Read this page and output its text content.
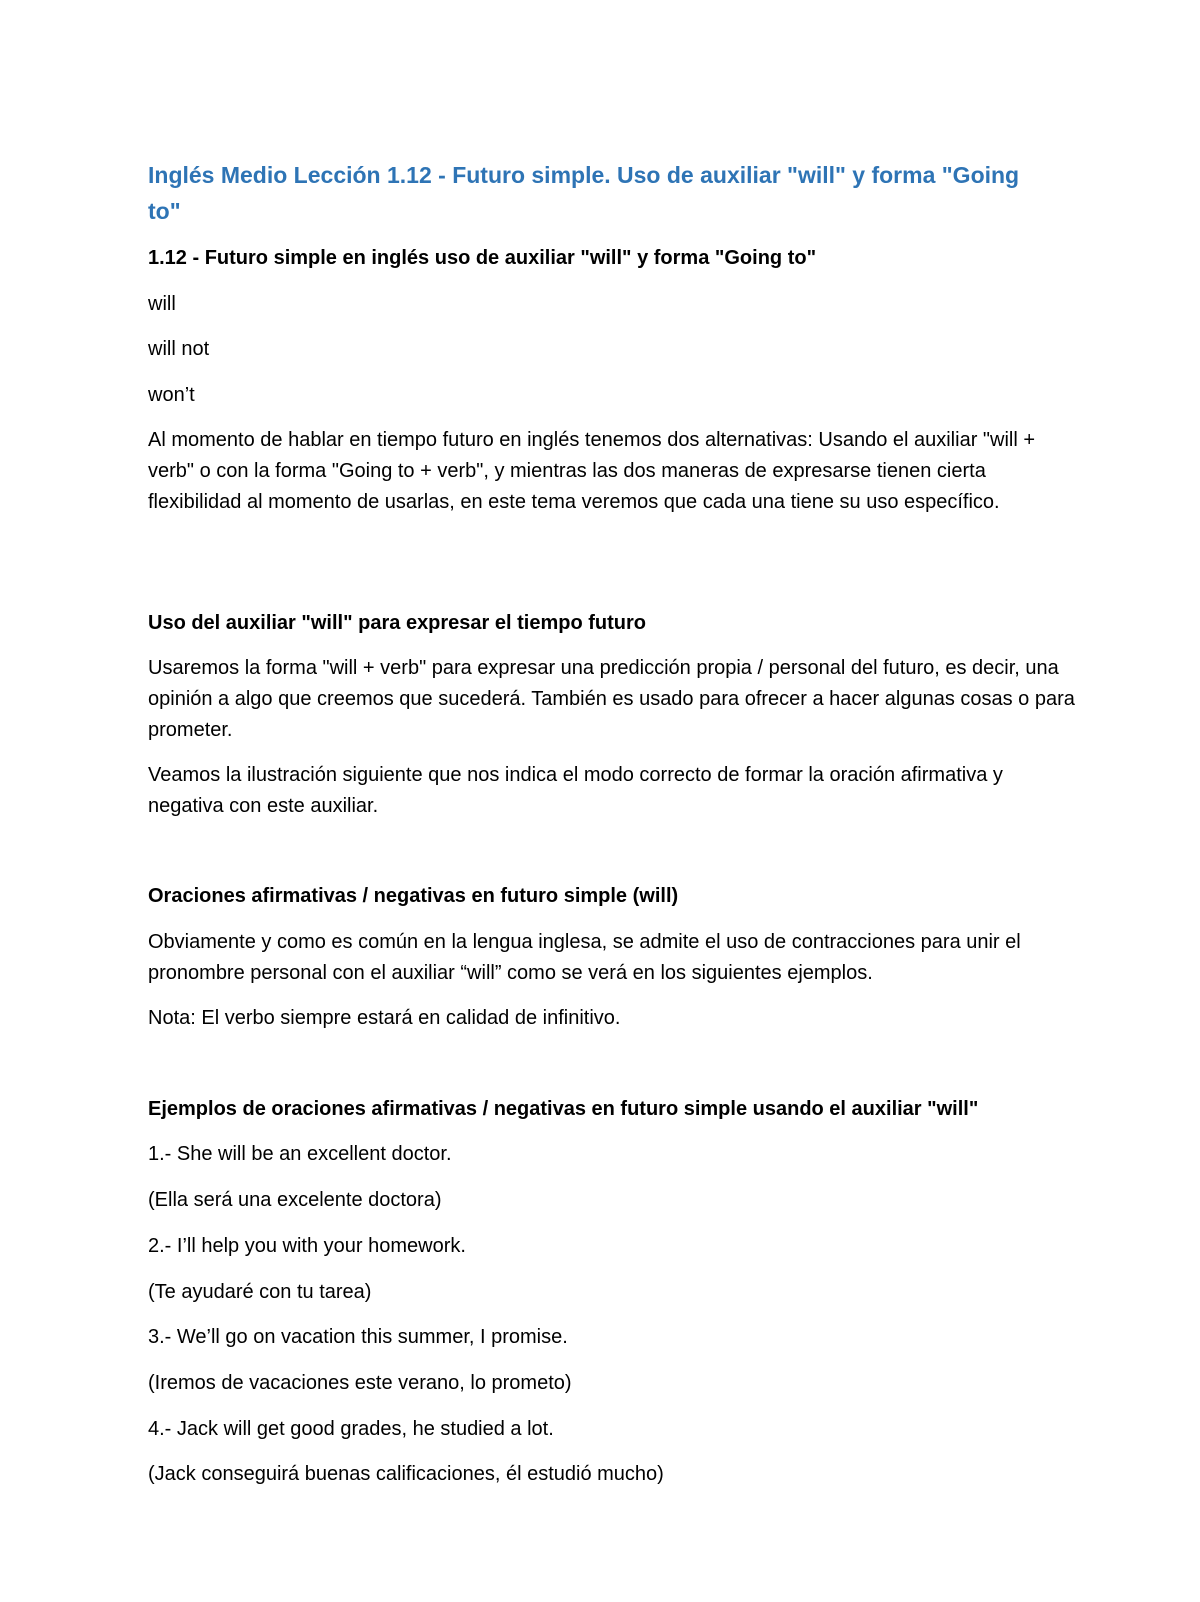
Inglés Medio Lección 1.12 - Futuro simple. Uso de auxiliar "will" y forma "Going to"

1.12 - Futuro simple en inglés uso de auxiliar "will" y forma "Going to"

will

will not

won’t

Al momento de hablar en tiempo futuro en inglés tenemos dos alternativas: Usando el auxiliar "will + verb" o con la forma "Going to + verb", y mientras las dos maneras de expresarse tienen cierta flexibilidad al momento de usarlas, en este tema veremos que cada una tiene su uso específico.

Uso del auxiliar "will" para expresar el tiempo futuro

Usaremos la forma "will + verb" para expresar una predicción propia / personal del futuro, es decir, una opinión a algo que creemos que sucederá. También es usado para ofrecer a hacer algunas cosas o para prometer.

Veamos la ilustración siguiente que nos indica el modo correcto de formar la oración afirmativa y negativa con este auxiliar.

Oraciones afirmativas / negativas en futuro simple (will)

Obviamente y como es común en la lengua inglesa, se admite el uso de contracciones para unir el pronombre personal con el auxiliar “will” como se verá en los siguientes ejemplos.

Nota: El verbo siempre estará en calidad de infinitivo.

Ejemplos de oraciones afirmativas / negativas en futuro simple usando el auxiliar "will"

1.- She will be an excellent doctor.

(Ella será una excelente doctora)

2.- I’ll help you with your homework.

(Te ayudaré con tu tarea)

3.- We’ll go on vacation this summer, I promise.

(Iremos de vacaciones este verano, lo prometo)

4.- Jack will get good grades, he studied a lot.

(Jack conseguirá buenas calificaciones, él estudió mucho)
